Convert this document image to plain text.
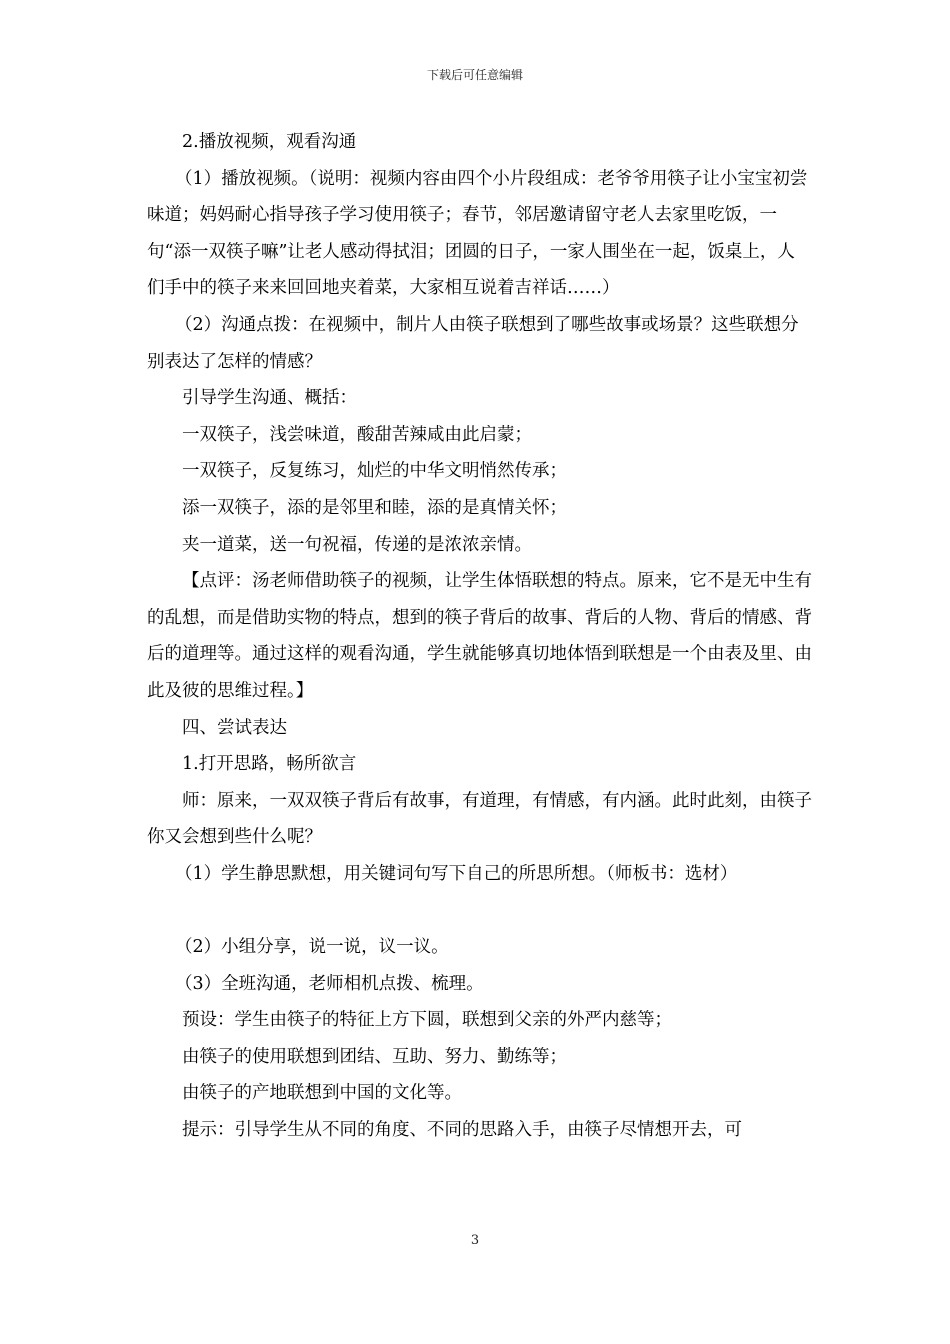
下载后可任意编辑

2.播放视频，观看沟通

（1）播放视频。（说明：视频内容由四个小片段组成：老爷爷用筷子让小宝宝初尝味道；妈妈耐心指导孩子学习使用筷子；春节，邻居邀请留守老人去家里吃饭，一句“添一双筷子嘛”让老人感动得拭泪；团圆的日子，一家人围坐在一起，饭桌上，人们手中的筷子来来回回地夹着菜，大家相互说着吉祥话……）

（2）沟通点拨：在视频中，制片人由筷子联想到了哪些故事或场景？这些联想分别表达了怎样的情感？

引导学生沟通、概括：

一双筷子，浅尝味道，酸甜苦辣咸由此启蒙；

一双筷子，反复练习，灿烂的中华文明悄然传承；

添一双筷子，添的是邻里和睦，添的是真情关怀；

夹一道菜，送一句祝福，传递的是浓浓亲情。

【点评：汤老师借助筷子的视频，让学生体悟联想的特点。原来，它不是无中生有的乱想，而是借助实物的特点，想到的筷子背后的故事、背后的人物、背后的情感、背后的道理等。通过这样的观看沟通，学生就能够真切地体悟到联想是一个由表及里、由此及彼的思维过程。】

四、尝试表达

1.打开思路，畅所欲言

师：原来，一双双筷子背后有故事，有道理，有情感，有内涵。此时此刻，由筷子你又会想到些什么呢？

（1）学生静思默想，用关键词句写下自己的所思所想。（师板书：选材）

（2）小组分享，说一说，议一议。

（3）全班沟通，老师相机点拨、梳理。

预设：学生由筷子的特征上方下圆，联想到父亲的外严内慈等；

由筷子的使用联想到团结、互助、努力、勤练等；

由筷子的产地联想到中国的文化等。

提示：引导学生从不同的角度、不同的思路入手，由筷子尽情想开去，可

3
